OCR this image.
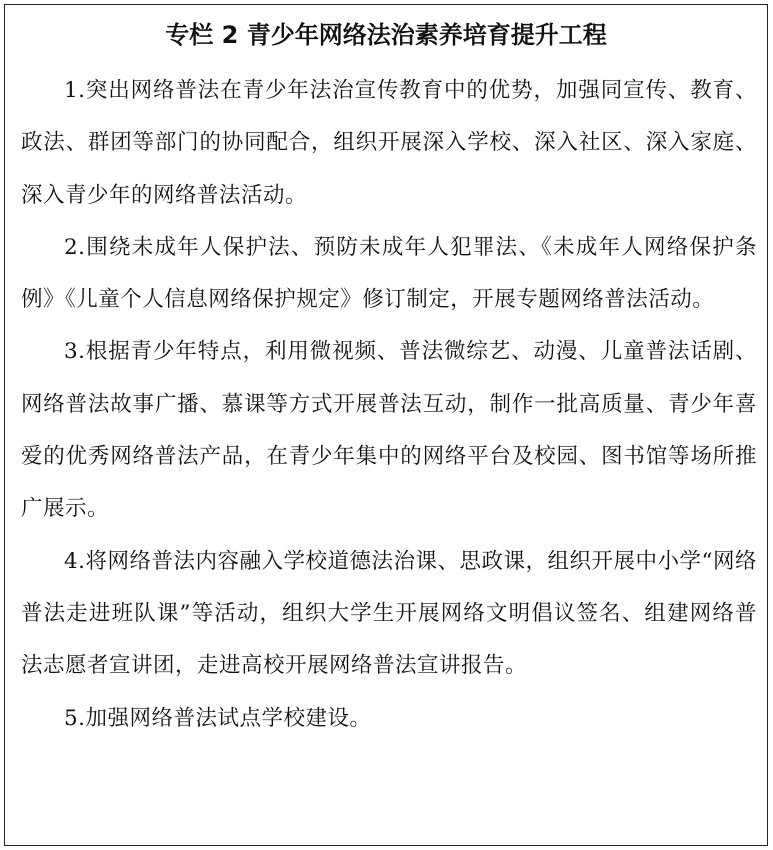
专栏 2 青少年网络法治素养培育提升工程

1.突出网络普法在青少年法治宣传教育中的优势，加强同宣传、教育、政法、群团等部门的协同配合，组织开展深入学校、深入社区、深入家庭、深入青少年的网络普法活动。

2.围绕未成年人保护法、预防未成年人犯罪法、《未成年人网络保护条例》《儿童个人信息网络保护规定》修订制定，开展专题网络普法活动。

3.根据青少年特点，利用微视频、普法微综艺、动漫、儿童普法话剧、网络普法故事广播、慕课等方式开展普法互动，制作一批高质量、青少年喜爱的优秀网络普法产品，在青少年集中的网络平台及校园、图书馆等场所推广展示。

4.将网络普法内容融入学校道德法治课、思政课，组织开展中小学“网络普法走进班队课”等活动，组织大学生开展网络文明倡议签名、组建网络普法志愿者宣讲团，走进高校开展网络普法宣讲报告。

5.加强网络普法试点学校建设。
